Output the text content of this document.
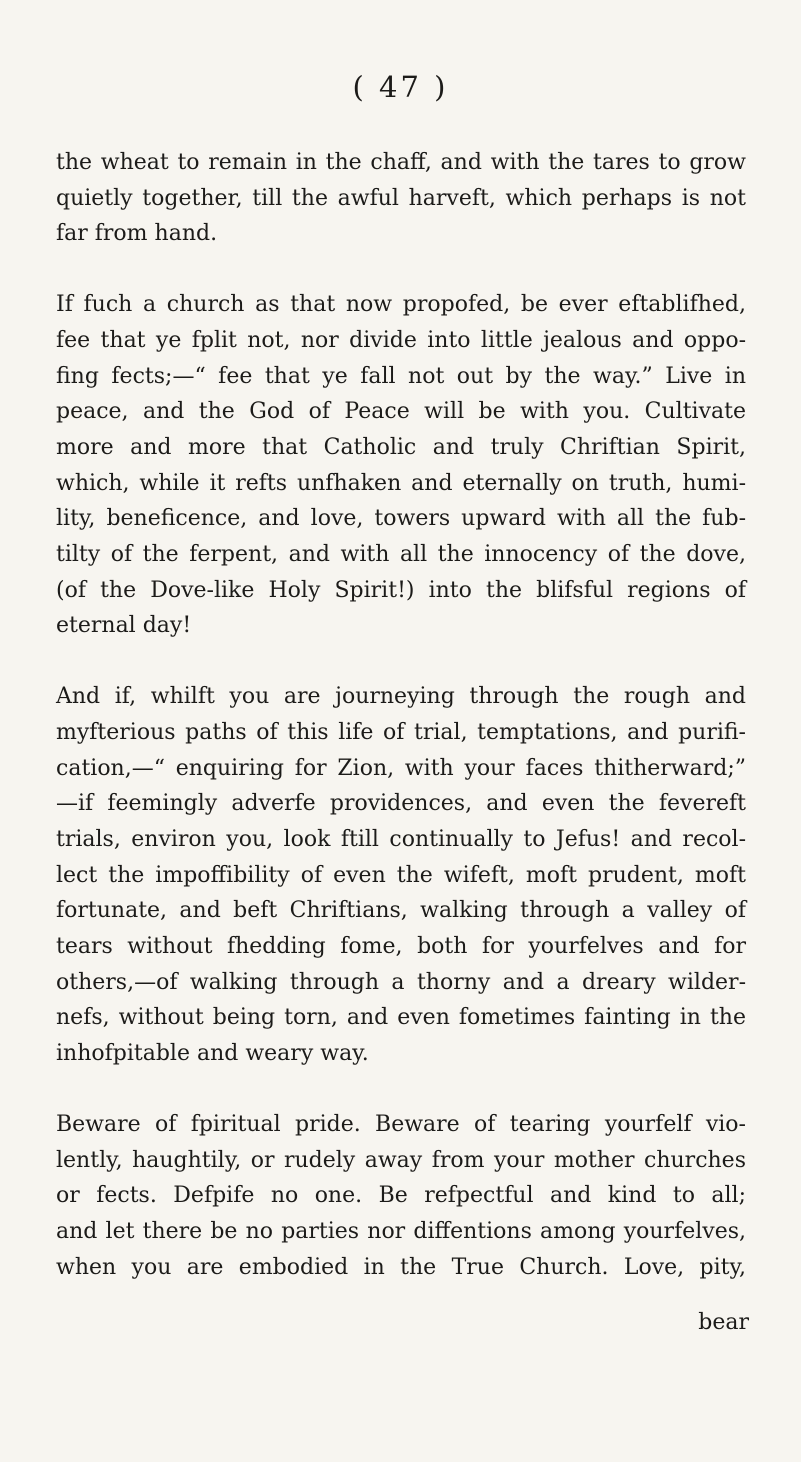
( 47 )

the wheat to remain in the chaff, and with the tares to grow
quietly together, till the awful harveft, which perhaps is not
far from hand.

If fuch a church as that now propofed, be ever eftablifhed,
fee that ye fplit not, nor divide into little jealous and oppo-
fing fects;—“ fee that ye fall not out by the way.” Live in
peace, and the God of Peace will be with you. Cultivate
more and more that Catholic and truly Chriftian Spirit,
which, while it refts unfhaken and eternally on truth, humi-
lity, beneficence, and love, towers upward with all the fub-
tilty of the ferpent, and with all the innocency of the dove,
(of the Dove-like Holy Spirit!) into the blifsful regions of
eternal day!

And if, whilft you are journeying through the rough and
myfterious paths of this life of trial, temptations, and purifi-
cation,—“ enquiring for Zion, with your faces thitherward;”
—if feemingly adverfe providences, and even the fevereft
trials, environ you, look ftill continually to Jefus! and recol-
lect the impoffibility of even the wifeft, moft prudent, moft
fortunate, and beft Chriftians, walking through a valley of
tears without fhedding fome, both for yourfelves and for
others,—of walking through a thorny and a dreary wilder-
nefs, without being torn, and even fometimes fainting in the
inhofpitable and weary way.

Beware of fpiritual pride. Beware of tearing yourfelf vio-
lently, haughtily, or rudely away from your mother churches
or fects. Defpife no one. Be refpectful and kind to all;
and let there be no parties nor diffentions among yourfelves,
when you are embodied in the True Church. Love, pity,

bear
